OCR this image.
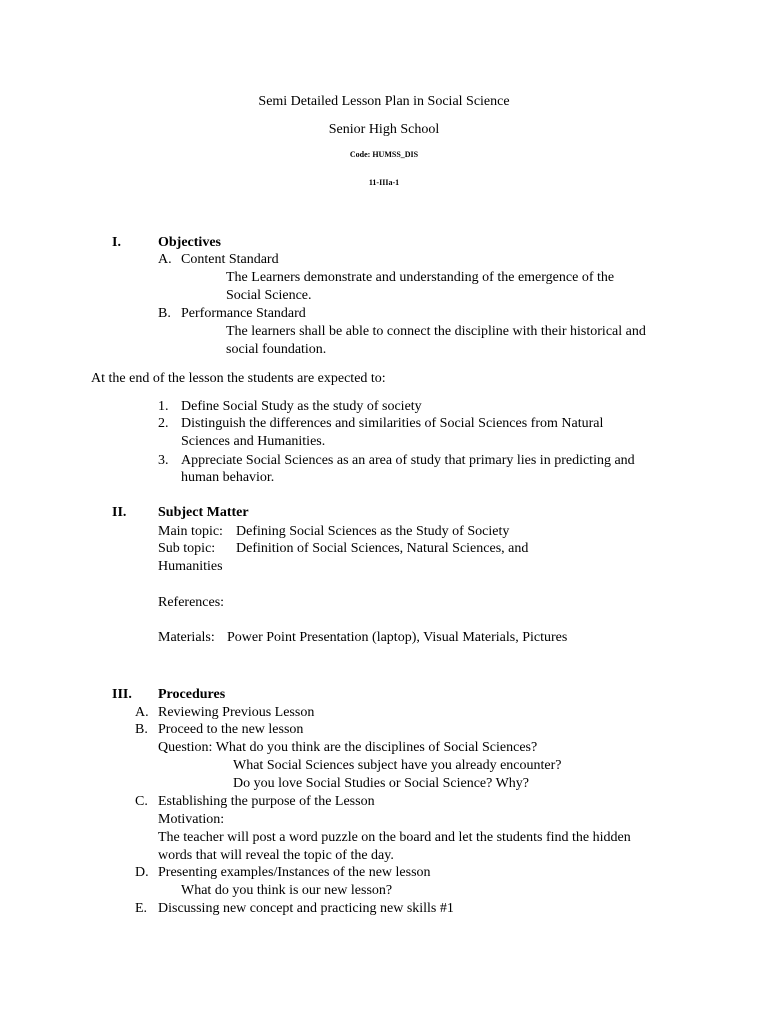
Semi Detailed Lesson Plan in Social Science
Senior High School
Code: HUMSS_DIS
11-IIIa-1
I.	Objectives
A. Content Standard
The Learners demonstrate and understanding of the emergence of the
Social Science.
B. Performance Standard
The learners shall be able to connect the discipline with their historical and
social foundation.
At the end of the lesson the students are expected to:
1. Define Social Study as the study of society
2. Distinguish the differences and similarities of Social Sciences from Natural
Sciences and Humanities.
3. Appreciate Social Sciences as an area of study that primary lies in predicting and
human behavior.
II. Subject Matter
Main topic: Defining Social Sciences as the Study of Society
Sub topic: Definition of Social Sciences, Natural Sciences, and
Humanities
References:
Materials: Power Point Presentation (laptop), Visual Materials, Pictures
III. Procedures
A. Reviewing Previous Lesson
B. Proceed to the new lesson
Question: What do you think are the disciplines of Social Sciences?
What Social Sciences subject have you already encounter?
Do you love Social Studies or Social Science? Why?
C. Establishing the purpose of the Lesson
Motivation:
The teacher will post a word puzzle on the board and let the students find the hidden
words that will reveal the topic of the day.
D. Presenting examples/Instances of the new lesson
What do you think is our new lesson?
E. Discussing new concept and practicing new skills #1
